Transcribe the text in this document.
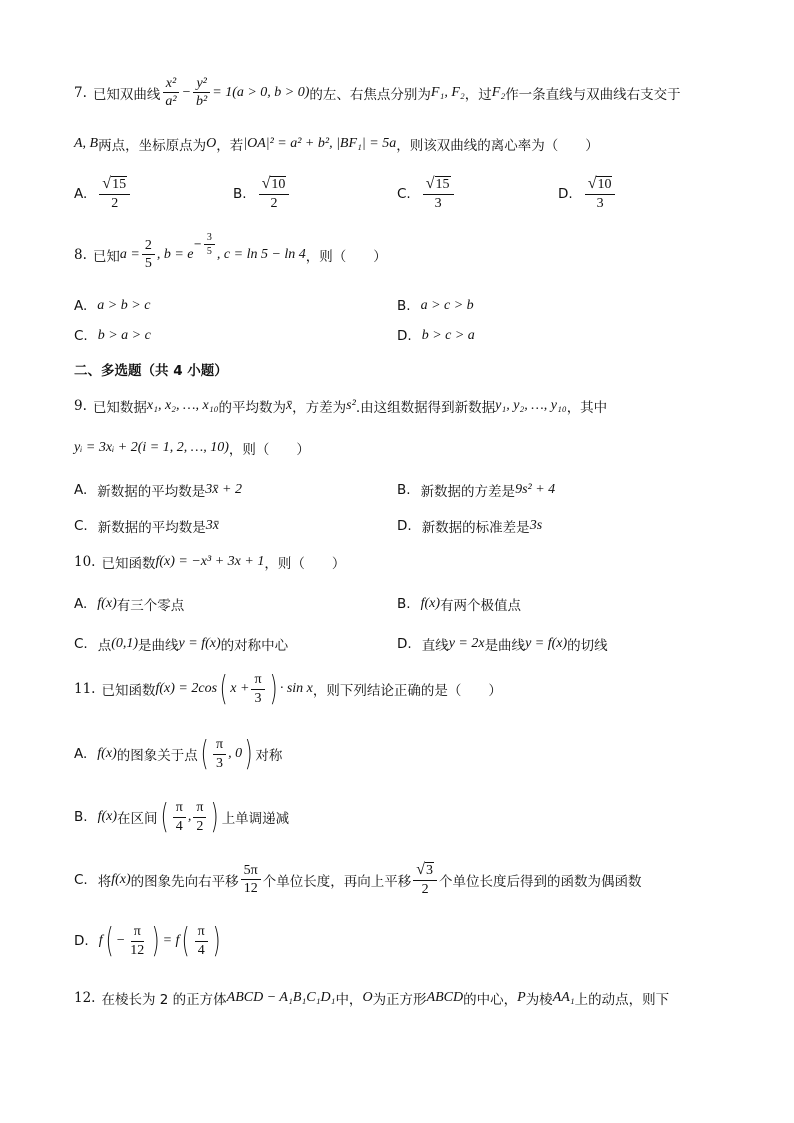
7. 已知双曲线 $\frac{\text{x²}}{\text{a²}} - \frac{\text{y²}}{\text{b²}} = 1(a > 0$, b > 0) 的左、右焦点分别为 F₁, F₂ ，过 F₂ 作一条直线与双曲线右支交于
A, B 两点，坐标原点为 O ，若 |OA|² = a² + b², |BF₁| = 5a ，则该双曲线的离心率为（　　）
A. $\frac{√ 15}{2}$	B. $\frac{√ 10}{2}$	C. $\frac{√ 15}{3}$	D. $\frac{√ 10}{3}$
8. 已知 $a = \frac{2}{5}$ , b = e
− $\frac{3}{5}$ , c = ln 5 − ln 4 ，则（　　）
A. a > b > c	B. a > c > b
C. b > a > c	D. b > c > a
二、多选题（共 4 小题）
9. 已知数据 x₁, x₂, …, x₁₀ 的平均数为 x̄ ，方差为 s² .由这组数据得到新数据 y₁, y₂, …, y₁₀ ，其中
yᵢ = 3xᵢ + 2(i = 1, 2, …, 10) ，则（　　）
A. 新数据的平均数是 3x̄ + 2	B. 新数据的方差是 9s² + 4
C. 新数据的平均数是 3x̄	D. 新数据的标准差是 3s
10. 已知函数 f(x) = −x³ + 3x + 1 ，则（　　）
A. f(x) 有三个零点	B. f(x) 有两个极值点
C. 点 (0,1) 是曲线 y = f(x) 的对称中心	D. 直线 y = 2x 是曲线 y = f(x) 的切线
11. 已知函数 f(x) = 2cos ( $x + \frac{\pi}{3}$ ) · sin x ，则下列结论正确的是（　　）
A. f(x) 的图象关于点 ( $\frac{\pi}{3}$ , 0 ) 对称
B. f(x) 在区间 ( $\frac{\pi}{4}$ , $\frac{\pi}{2}$ ) 上单调递减
C. 将 f(x) 的图象先向右平移 $\frac{5\pi}{12}$ 个单位长度，再向上平移 $\frac{√ 3}{2}$ 个单位长度后得到的函数为偶函数
D. f ( − $\frac{\pi}{12}$ ) = f ( $\frac{\pi}{4}$ )
12. 在棱长为 2 的正方体 ABCD − A₁B₁C₁D₁ 中， O 为正方形 ABCD 的中心， P 为棱 AA₁ 上的动点，则下
